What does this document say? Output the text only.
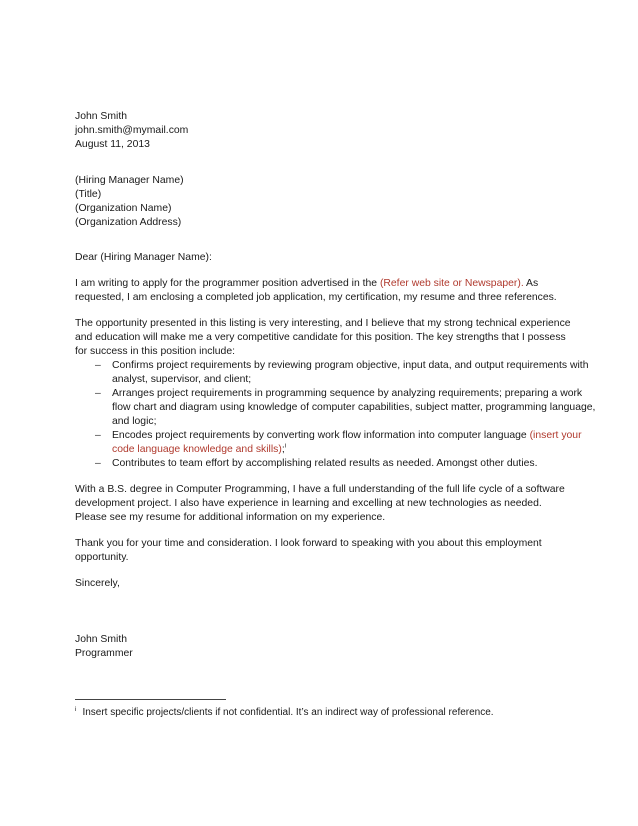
John Smith
john.smith@mymail.com
August 11, 2013
(Hiring Manager Name)
(Title)
(Organization Name)
(Organization Address)
Dear (Hiring Manager Name):
I am writing to apply for the programmer position advertised in the (Refer web site or Newspaper). As
requested, I am enclosing a completed job application, my certification, my resume and three references.
The opportunity presented in this listing is very interesting, and I believe that my strong technical experience
and education will make me a very competitive candidate for this position. The key strengths that I possess
for success in this position include:
– Confirms project requirements by reviewing program objective, input data, and output requirements with
analyst, supervisor, and client;
– Arranges project requirements in programming sequence by analyzing requirements; preparing a work
flow chart and diagram using knowledge of computer capabilities, subject matter, programming language,
and logic;
– Encodes project requirements by converting work flow information into computer language (insert your
code language knowledge and skills);$^i$
– Contributes to team effort by accomplishing related results as needed. Amongst other duties.
With a B.S. degree in Computer Programming, I have a full understanding of the full life cycle of a software
development project. I also have experience in learning and excelling at new technologies as needed.
Please see my resume for additional information on my experience.
Thank you for your time and consideration. I look forward to speaking with you about this employment
opportunity.
Sincerely,
John Smith
Programmer
$^i$ Insert specific projects/clients if not confidential. It’s an indirect way of professional reference.
